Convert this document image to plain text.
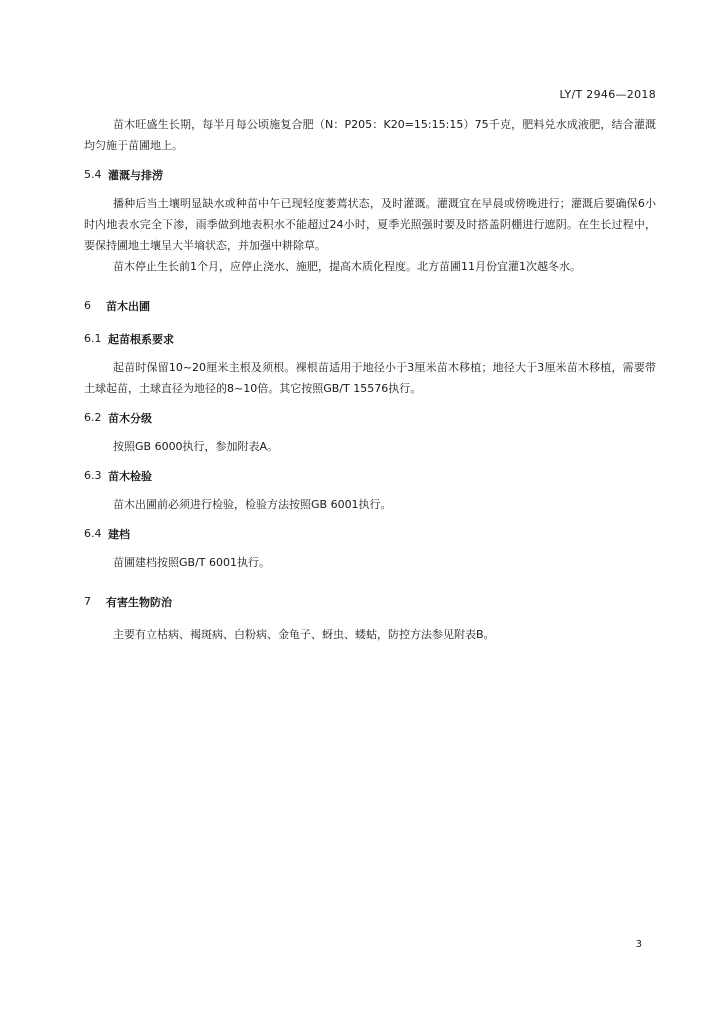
LY/T 2946—2018

苗木旺盛生长期，每半月每公顷施复合肥（N：P205：K20=15:15:15）75千克，肥料兑水成液肥，结合灌溉均匀施于苗圃地上。

5.4 灌溉与排涝

播种后当土壤明显缺水或种苗中午已现轻度萎蔫状态，及时灌溉。灌溉宜在早晨或傍晚进行；灌溉后要确保6小时内地表水完全下渗，雨季做到地表积水不能超过24小时，夏季光照强时要及时搭盖阴棚进行遮阴。在生长过程中，要保持圃地土壤呈大半墒状态，并加强中耕除草。

苗木停止生长前1个月，应停止浇水、施肥，提高木质化程度。北方苗圃11月份宜灌1次越冬水。

6	苗木出圃
6.1 起苗根系要求

起苗时保留10~20厘米主根及须根。裸根苗适用于地径小于3厘米苗木移植；地径大于3厘米苗木移植，需要带土球起苗，土球直径为地径的8~10倍。其它按照GB/T 15576执行。

6.2 苗木分级

按照GB 6000执行，参加附表A。

6.3 苗木检验

苗木出圃前必须进行检验，检验方法按照GB 6001执行。

6.4 建档

苗圃建档按照GB/T 6001执行。

7	有害生物防治

主要有立枯病、褐斑病、白粉病、金龟子、蚜虫、蝼蛄，防控方法参见附表B。

3
